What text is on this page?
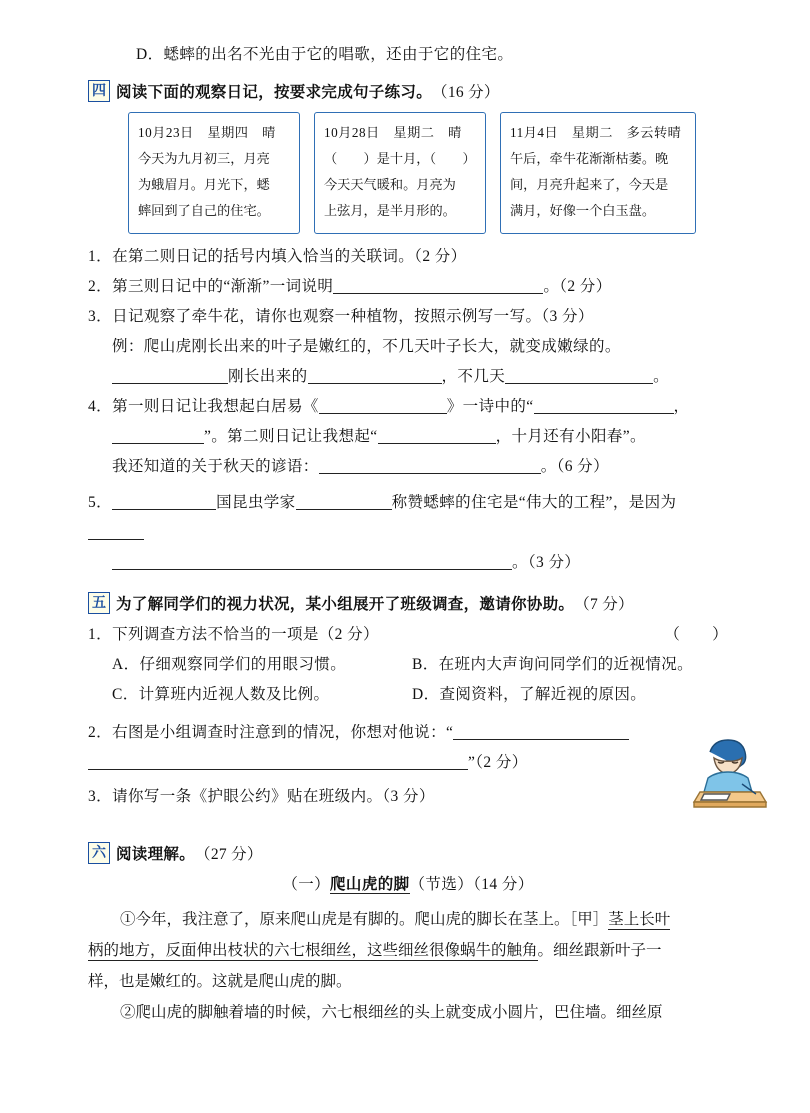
D．蟋蟀的出名不光由于它的唱歌，还由于它的住宅。
四 阅读下面的观察日记，按要求完成句子练习。 （16 分）
10月23日　星期四　晴
今天为九月初三，月亮
为蛾眉月。月光下，蟋
蟀回到了自己的住宅。
10月28日　星期二　晴
（　　）是十月，（　　）
今天天气暖和。月亮为
上弦月，是半月形的。
11月4日　星期二　多云转晴
午后，牵牛花渐渐枯萎。晚
间，月亮升起来了，今天是
满月，好像一个白玉盘。
1．在第二则日记的括号内填入恰当的关联词。（2 分）
2．第三则日记中的“渐渐”一词说明	。（2 分）
3．日记观察了牵牛花，请你也观察一种植物，按照示例写一写。（3 分）
例：爬山虎刚长出来的叶子是嫩红的，不几天叶子长大，就变成嫩绿的。
刚长出来的	，不几天	。
4．第一则日记让我想起白居易《	》一诗中的“	，
”。第二则日记让我想起“	，十月还有小阳春”。
我还知道的关于秋天的谚语：	。（6 分）
5．	国昆虫学家	称赞蟋蟀的住宅是“伟大的工程”，是因为
。（3 分）
五 为了解同学们的视力状况，某小组展开了班级调查，邀请你协助。 （7 分）
1．下列调查方法不恰当的一项是（2 分）	（　　）
A．仔细观察同学们的用眼习惯。	B．在班内大声询问同学们的近视情况。
C．计算班内近视人数及比例。	D．查阅资料，了解近视的原因。
2．右图是小组调查时注意到的情况，你想对他说：“
”（2 分）
3．请你写一条《护眼公约》贴在班级内。（3 分）
六 阅读理解。 （27 分）
（一）爬山虎的脚（节选）（14 分）
①今年，我注意了，原来爬山虎是有脚的。爬山虎的脚长在茎上。［甲］茎上长叶
柄的地方，反面伸出枝状的六七根细丝，这些细丝很像蜗牛的触角。细丝跟新叶子一
样，也是嫩红的。这就是爬山虎的脚。
②爬山虎的脚触着墙的时候，六七根细丝的头上就变成小圆片，巴住墙。细丝原
